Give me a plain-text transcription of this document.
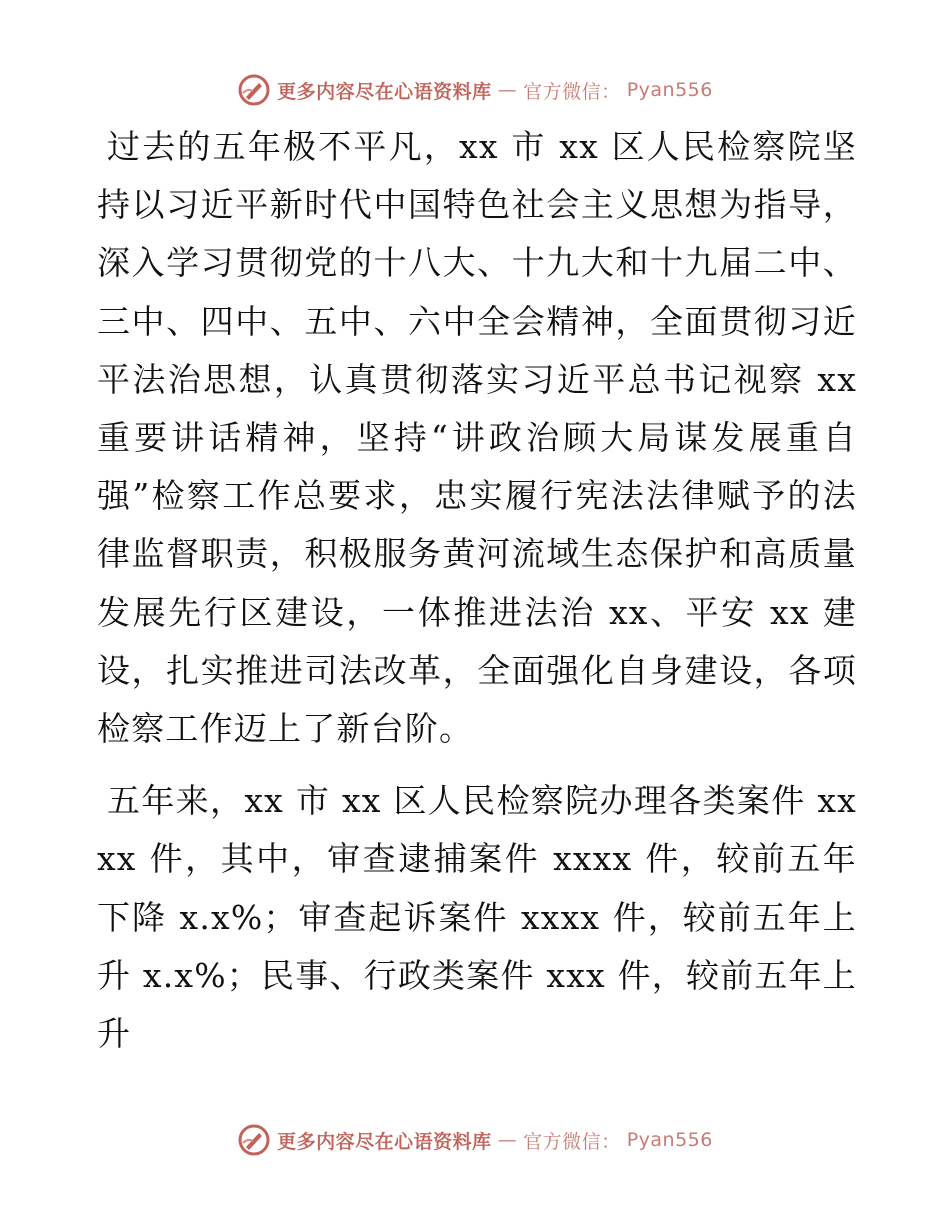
更多内容尽在心语资料库 — 官方微信： Pyan556

过去的五年极不平凡，xx 市 xx 区人民检察院坚持以习近平新时代中国特色社会主义思想为指导，深入学习贯彻党的十八大、十九大和十九届二中、三中、四中、五中、六中全会精神，全面贯彻习近平法治思想，认真贯彻落实习近平总书记视察 xx 重要讲话精神，坚持“讲政治顾大局谋发展重自强”检察工作总要求，忠实履行宪法法律赋予的法律监督职责，积极服务黄河流域生态保护和高质量发展先行区建设，一体推进法治 xx、平安 xx 建设，扎实推进司法改革，全面强化自身建设，各项检察工作迈上了新台阶。

五年来，xx 市 xx 区人民检察院办理各类案件 xxxx 件，其中，审查逮捕案件 xxxx 件，较前五年下降 x.x%；审查起诉案件 xxxx 件，较前五年上升 x.x%；民事、行政类案件 xxx 件，较前五年上升

更多内容尽在心语资料库 — 官方微信： Pyan556
